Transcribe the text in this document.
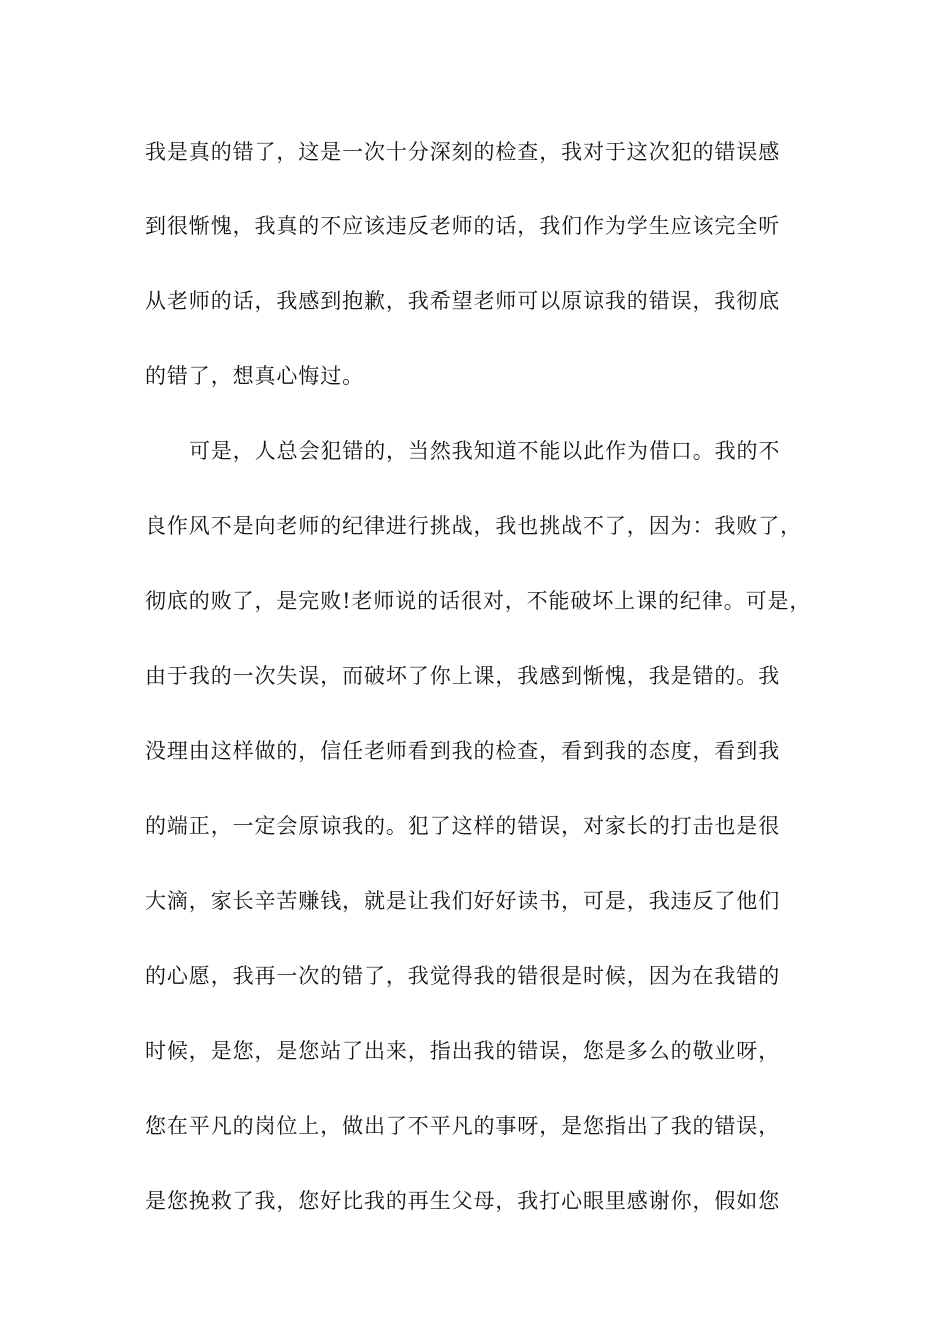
我是真的错了，这是一次十分深刻的检查，我对于这次犯的错误感
到很惭愧，我真的不应该违反老师的话，我们作为学生应该完全听
从老师的话，我感到抱歉，我希望老师可以原谅我的错误，我彻底
的错了，想真心悔过。
可是，人总会犯错的，当然我知道不能以此作为借口。我的不
良作风不是向老师的纪律进行挑战，我也挑战不了，因为：我败了，
彻底的败了，是完败!老师说的话很对，不能破坏上课的纪律。可是，
由于我的一次失误，而破坏了你上课，我感到惭愧，我是错的。我
没理由这样做的，信任老师看到我的检查，看到我的态度，看到我
的端正，一定会原谅我的。犯了这样的错误，对家长的打击也是很
大滴，家长辛苦赚钱，就是让我们好好读书，可是，我违反了他们
的心愿，我再一次的错了，我觉得我的错很是时候，因为在我错的
时候，是您，是您站了出来，指出我的错误，您是多么的敬业呀，
您在平凡的岗位上，做出了不平凡的事呀，是您指出了我的错误，
是您挽救了我，您好比我的再生父母，我打心眼里感谢你，假如您
